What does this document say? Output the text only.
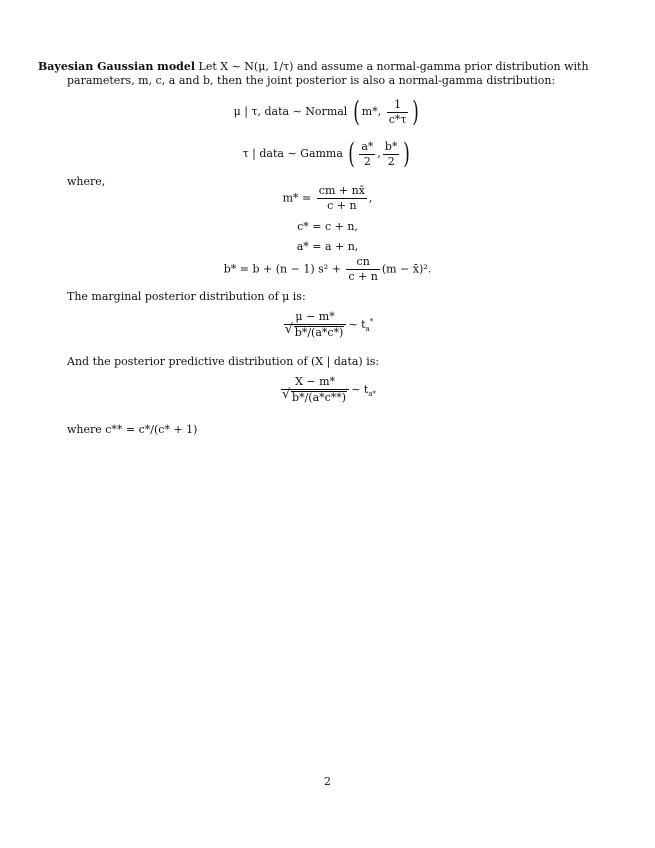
Bayesian Gaussian model Let X ∼ N(μ, 1/τ) and assume a normal-gamma prior distribution with
parameters, m, c, a and b, then the joint posterior is also a normal-gamma distribution:
μ | τ, data ∼ Normal ( m*, $\frac{1}{c*\tau}$ )
τ | data ∼ Gamma ( $\frac{a*}{2}$ , $\frac{b*}{2}$ )
where,
$m* = \frac{cm + nx̄}{c + n}$ ,
c* = c + n,
a* = a + n,
b* = b + (n − 1) $s^2 + \frac{cn}{c + n} (m$ − x̄)².
The marginal posterior distribution of μ is:
μ − m*
√ b*/(a*c*) ∼ $t_a^*$
And the posterior predictive distribution of (X | data) is:
X − m*
√ b*/(a*c**) ∼ $t_{a*}$
where c** = c*/(c* + 1)
2
